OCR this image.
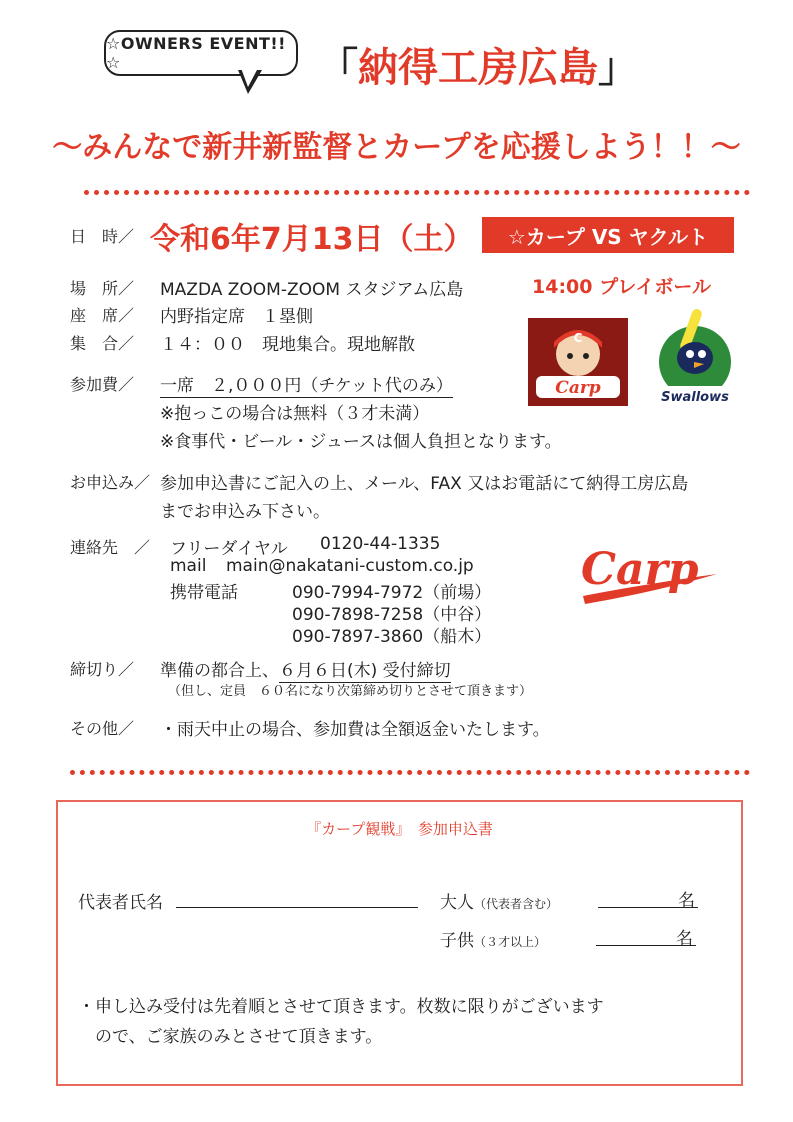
☆OWNERS EVENT!!☆	「納得工房広島」
〜みんなで新井新監督とカープを応援しよう！！〜
日　時／ 令和6年7月13日（土）	☆カープ VS ヤクルト
場　所／ MAZDA ZOOM-ZOOM スタジアム広島	14:00 プレイボール
座　席／ 内野指定席　１塁側
集　合／ １４：００　現地集合。現地解散
参加費／ 一席　２,０００円（チケット代のみ）
※抱っこの場合は無料（３才未満）
※食事代・ビール・ジュースは個人負担となります。
C
Carp	Swallows
お申込み／ 参加申込書にご記入の上、メール、FAX 又はお電話にて納得工房広島
までお申込み下さい。
連絡先　／ フリーダイヤル 0120-44-1335
mail main@nakatani-custom.co.jp
携帯電話	090-7994-7972（前場）
090-7898-7258（中谷）
090-7897-3860（船木）
Carp
締切り／ 準備の都合上、６月６日(木) 受付締切
（但し、定員　６０名になり次第締め切りとさせて頂きます）
その他／ ・雨天中止の場合、参加費は全額返金いたします。
『カープ観戦』　参加申込書
代表者氏名	大人（代表者含む）	名
子供（３才以上）	名
・申し込み受付は先着順とさせて頂きます。枚数に限りがございます
　ので、ご家族のみとさせて頂きます。
